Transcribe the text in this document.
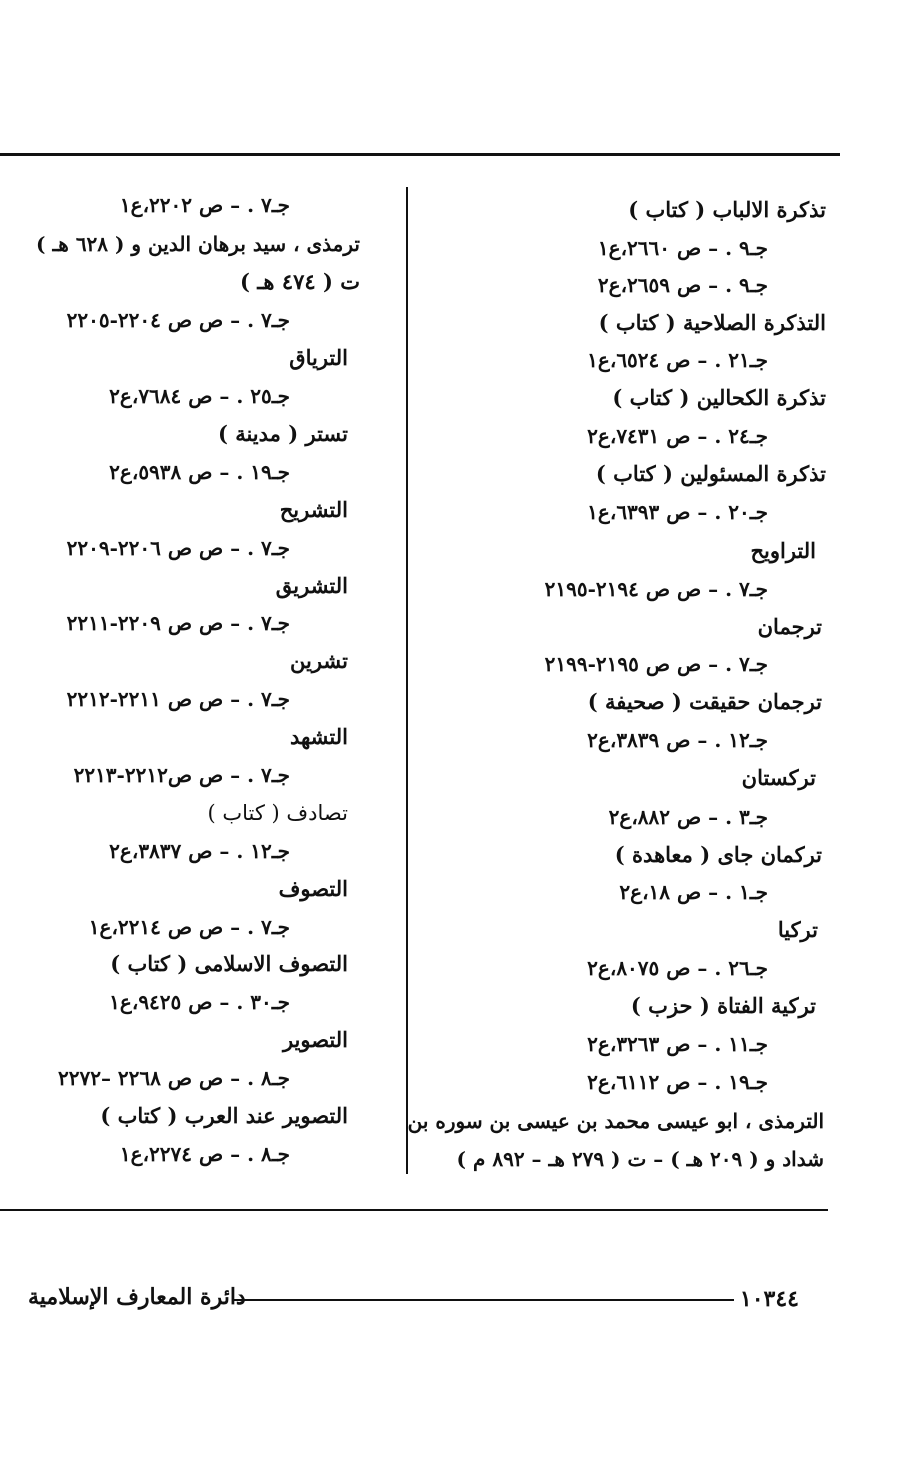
تذكرة الالباب ( كتاب )
جـ٩ . – ص ٢٦٦٠،ع١
جـ٩ . – ص ٢٦٥٩،ع٢
التذكرة الصلاحية ( كتاب )
جـ٢١ . – ص ٦٥٢٤،ع١
تذكرة الكحالين ( كتاب )
جـ٢٤ . – ص ٧٤٣١،ع٢
تذكرة المسئولين ( كتاب )
جـ٢٠ . – ص ٦٣٩٣،ع١
التراويح
جـ٧ . – ص ص ٢١٩٤-٢١٩٥
ترجمان
جـ٧ . – ص ص ٢١٩٥-٢١٩٩
ترجمان حقيقت ( صحيفة )
جـ١٢ . – ص ٣٨٣٩،ع٢
تركستان
جـ٣ . – ص ٨٨٢،ع٢
تركمان جاى ( معاهدة )
جـ١ . – ص ١٨،ع٢
تركيا
جـ٢٦ . – ص ٨٠٧٥،ع٢
تركية الفتاة ( حزب )
جـ١١ . – ص ٣٢٦٣،ع٢
جـ١٩ . – ص ٦١١٢،ع٢
الترمذى ، ابو عيسى محمد بن عيسى بن سوره بن
شداد و ( ٢٠٩ هـ ) – ت ( ٢٧٩ هـ – ٨٩٢ م )
جـ٧ . – ص ٢٢٠٢،ع١
ترمذى ، سيد برهان الدين و ( ٦٢٨ هـ )
ت ( ٤٧٤ هـ )
جـ٧ . – ص ص ٢٢٠٤-٢٢٠٥
الترياق
جـ٢٥ . – ص ٧٦٨٤،ع٢
تستر ( مدينة )
جـ١٩ . – ص ٥٩٣٨،ع٢
التشريح
جـ٧ . – ص ص ٢٢٠٦-٢٢٠٩
التشريق
جـ٧ . – ص ص ٢٢٠٩-٢٢١١
تشرين
جـ٧ . – ص ص ٢٢١١-٢٢١٢
التشهد
جـ٧ . – ص ص٢٢١٢-٢٢١٣
تصادف ( كتاب )
جـ١٢ . – ص ٣٨٣٧،ع٢
التصوف
جـ٧ . – ص ص ٢٢١٤،ع١
التصوف الاسلامى ( كتاب )
جـ٣٠ . – ص ٩٤٢٥،ع١
التصوير
جـ٨ . – ص ص ٢٢٦٨ –٢٢٧٢
التصوير عند العرب ( كتاب )
جـ٨ . – ص ٢٢٧٤،ع١
١٠٣٤٤
دائرة المعارف الإسلامية
